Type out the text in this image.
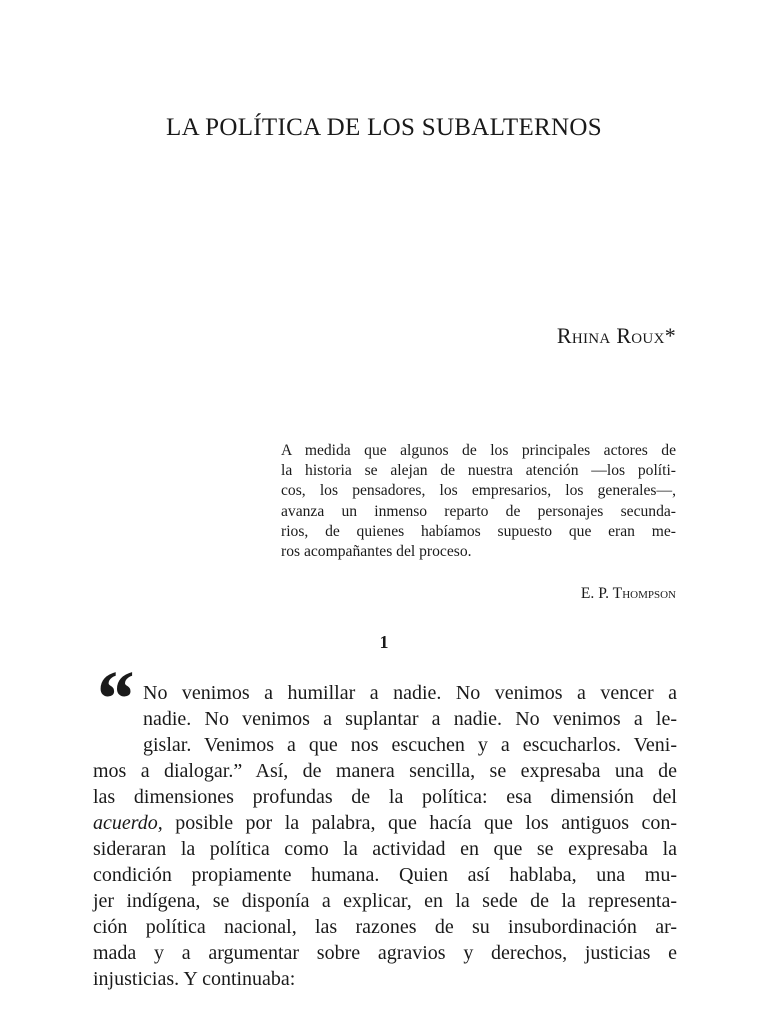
LA POLÍTICA DE LOS SUBALTERNOS
Rhina Roux*
A medida que algunos de los principales actores de
la historia se alejan de nuestra atención —los políti-
cos, los pensadores, los empresarios, los generales—,
avanza un inmenso reparto de personajes secunda-
rios, de quienes habíamos supuesto que eran me-
ros acompañantes del proceso.
E. P. Thompson
1
“ No venimos a humillar a nadie. No venimos a vencer a
nadie. No venimos a suplantar a nadie. No venimos a le-
gislar. Venimos a que nos escuchen y a escucharlos. Veni-
mos a dialogar.” Así, de manera sencilla, se expresaba una de
las dimensiones profundas de la política: esa dimensión del
acuerdo, posible por la palabra, que hacía que los antiguos con-
sideraran la política como la actividad en que se expresaba la
condición propiamente humana. Quien así hablaba, una mu-
jer indígena, se disponía a explicar, en la sede de la representa-
ción política nacional, las razones de su insubordinación ar-
mada y a argumentar sobre agravios y derechos, justicias e
injusticias. Y continuaba:
